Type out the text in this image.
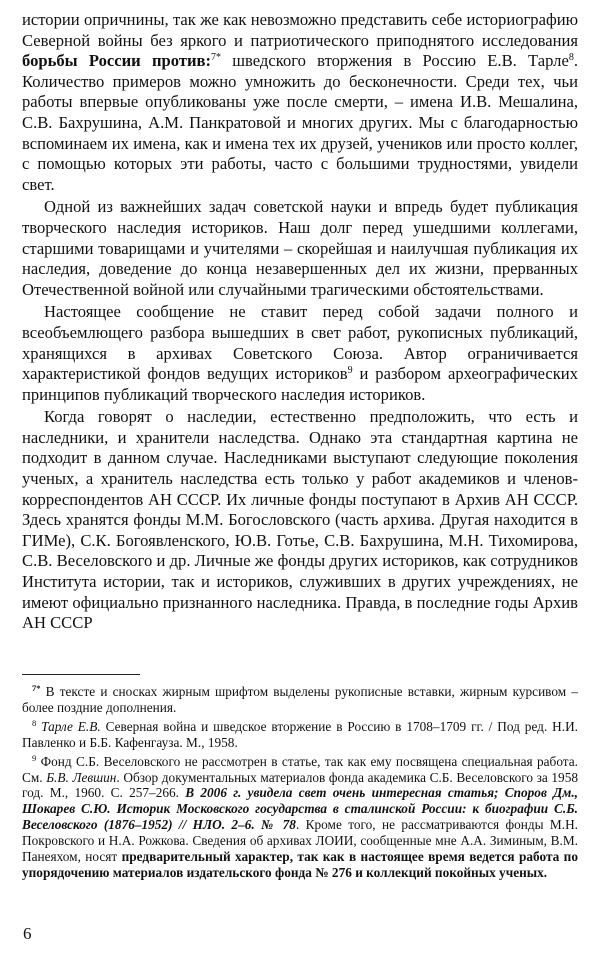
истории опричнины, так же как невозможно представить себе историографию Северной войны без яркого и патриотического приподнятого исследования борьбы России против:$^{7*}$ шведского вторжения в Россию Е.В. Тарле$^8$. Количество примеров можно умножить до бесконечности. Среди тех, чьи работы впервые опубликованы уже после смерти, – имена И.В. Мешалина, С.В. Бахрушина, А.М. Панкратовой и многих других. Мы с благодарностью вспоминаем их имена, как и имена тех их друзей, учеников или просто коллег, с помощью которых эти работы, часто с большими трудностями, увидели свет.

Одной из важнейших задач советской науки и впредь будет публикация творческого наследия историков. Наш долг перед ушедшими коллегами, старшими товарищами и учителями – скорейшая и наилучшая публикация их наследия, доведение до конца незавершенных дел их жизни, прерванных Отечественной войной или случайными трагическими обстоятельствами.

Настоящее сообщение не ставит перед собой задачи полного и всеобъемлющего разбора вышедших в свет работ, рукописных публикаций, хранящихся в архивах Советского Союза. Автор ограничивается характеристикой фондов ведущих историков$^9$ и разбором археографических принципов публикаций творческого наследия историков.

Когда говорят о наследии, естественно предположить, что есть и наследники, и хранители наследства. Однако эта стандартная картина не подходит в данном случае. Наследниками выступают следующие поколения ученых, а хранитель наследства есть только у работ академиков и членов-корреспондентов АН СССР. Их личные фонды поступают в Архив АН СССР. Здесь хранятся фонды М.М. Богословского (часть архива. Другая находится в ГИМе), С.К. Богоявленского, Ю.В. Готье, С.В. Бахрушина, М.Н. Тихомирова, С.В. Веселовского и др. Личные же фонды других историков, как сотрудников Института истории, так и историков, служивших в других учреждениях, не имеют официально признанного наследника. Правда, в последние годы Архив АН СССР

$^{7*}$ В тексте и сносках жирным шрифтом выделены рукописные вставки, жирным курсивом – более поздние дополнения.

$^8$ Тарле Е.В. Северная война и шведское вторжение в Россию в 1708–1709 гг. / Под ред. Н.И. Павленко и Б.Б. Кафенгауза. М., 1958.

$^9$ Фонд С.Б. Веселовского не рассмотрен в статье, так как ему посвящена специальная работа. См. Б.В. Левшин. Обзор документальных материалов фонда академика С.Б. Веселовского за 1958 год. М., 1960. С. 257–266. В 2006 г. увидела свет очень интересная статья; Споров Дм., Шокарев С.Ю. Историк Московского государства в сталинской России: к биографии С.Б. Веселовского (1876–1952) // НЛО. 2–6. № 78. Кроме того, не рассматриваются фонды М.Н. Покровского и Н.А. Рожкова. Сведения об архивах ЛОИИ, сообщенные мне А.А. Зиминым, В.М. Панеяхом, носят предварительный характер, так как в настоящее время ведется работа по упорядочению материалов издательского фонда № 276 и коллекций покойных ученых.

6
